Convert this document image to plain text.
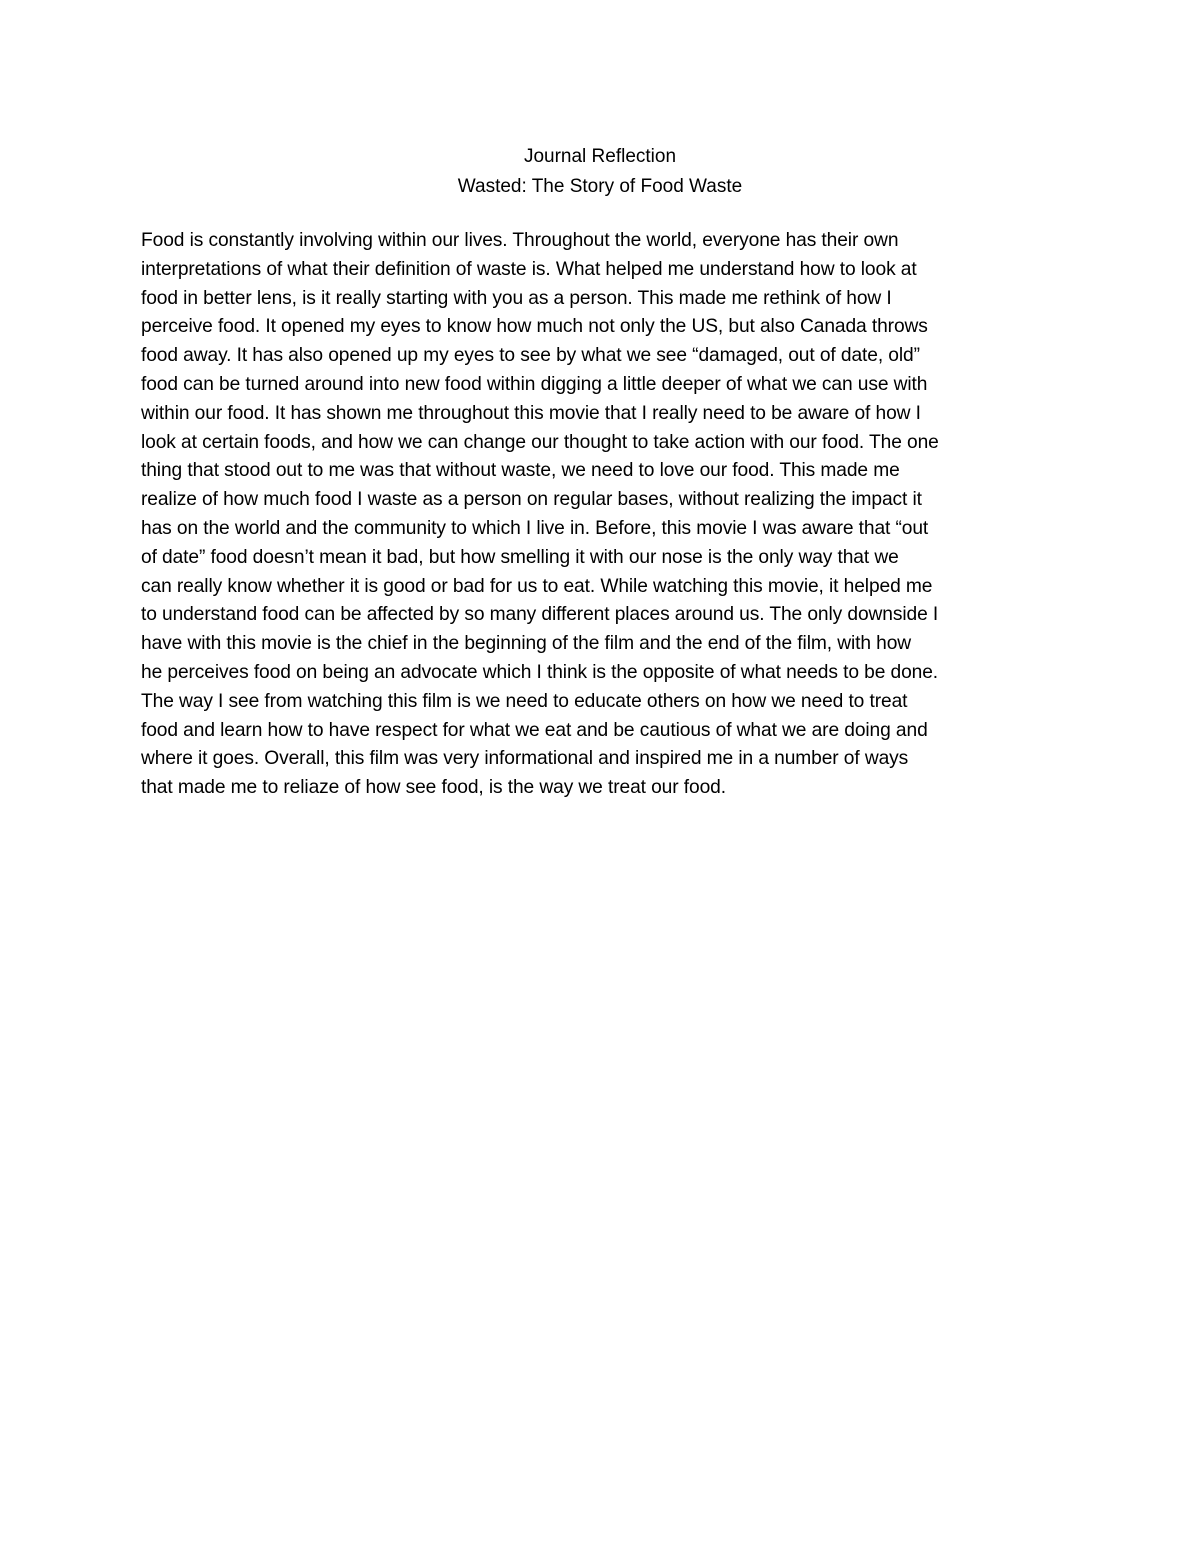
Journal Reflection
Wasted: The Story of Food Waste
Food is constantly involving within our lives. Throughout the world, everyone has their own
interpretations of what their definition of waste is. What helped me understand how to look at
food in better lens, is it really starting with you as a person. This made me rethink of how I
perceive food. It opened my eyes to know how much not only the US, but also Canada throws
food away. It has also opened up my eyes to see by what we see “damaged, out of date, old”
food can be turned around into new food within digging a little deeper of what we can use with
within our food. It has shown me throughout this movie that I really need to be aware of how I
look at certain foods, and how we can change our thought to take action with our food. The one
thing that stood out to me was that without waste, we need to love our food. This made me
realize of how much food I waste as a person on regular bases, without realizing the impact it
has on the world and the community to which I live in. Before, this movie I was aware that “out
of date” food doesn’t mean it bad, but how smelling it with our nose is the only way that we
can really know whether it is good or bad for us to eat. While watching this movie, it helped me
to understand food can be affected by so many different places around us. The only downside I
have with this movie is the chief in the beginning of the film and the end of the film, with how
he perceives food on being an advocate which I think is the opposite of what needs to be done.
The way I see from watching this film is we need to educate others on how we need to treat
food and learn how to have respect for what we eat and be cautious of what we are doing and
where it goes. Overall, this film was very informational and inspired me in a number of ways
that made me to reliaze of how see food, is the way we treat our food.
